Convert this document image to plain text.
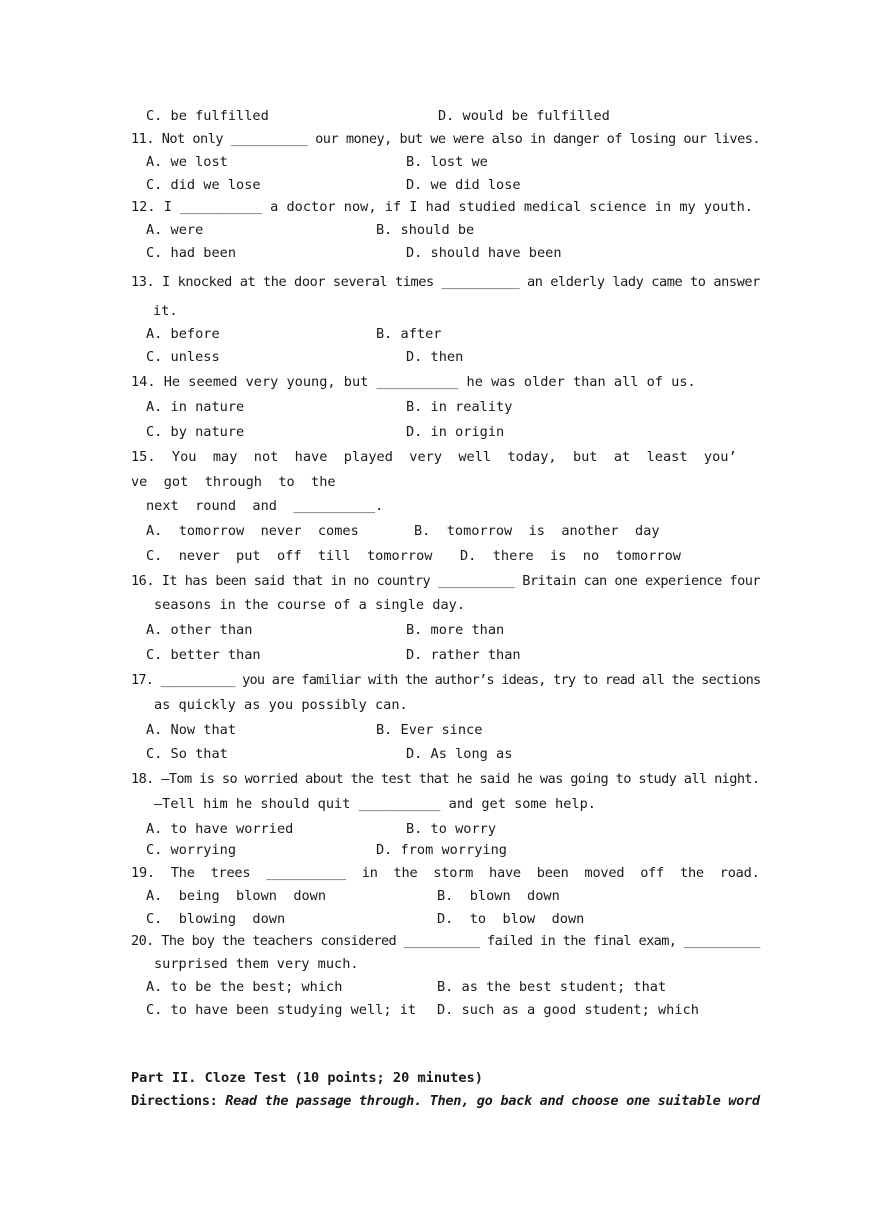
C. be fulfilled	D. would be fulfilled
11. Not only __________ our money, but we were also in danger of losing our lives.
A. we lost	B. lost we
C. did we lose	D. we did lose
12. I __________ a doctor now, if I had studied medical science in my youth.
A. were	B. should be
C. had been	D. should have been
13. I knocked at the door several times __________ an elderly lady came to answer
it.
A. before	B. after
C. unless	D. then
14. He seemed very young, but __________ he was older than all of us.
A. in nature	B. in reality
C. by nature	D. in origin
15.  You  may  not  have  played  very  well  today,  but  at  least  you’
ve  got  through  to  the
next  round  and  __________.
A.  tomorrow  never  comes	B.  tomorrow  is  another  day
C.  never  put  off  till  tomorrow D.  there  is  no  tomorrow
16. It has been said that in no country __________ Britain can one experience four
seasons in the course of a single day.
A. other than	B. more than
C. better than	D. rather than
17. __________ you are familiar with the author’s ideas, try to read all the sections
as quickly as you possibly can.
A. Now that	B. Ever since
C. So that	D. As long as
18. —Tom is so worried about the test that he said he was going to study all night.
—Tell him he should quit __________ and get some help.
A. to have worried	B. to worry
C. worrying	D. from worrying
19.  The  trees  __________  in  the  storm  have  been  moved  off  the  road.
A.  being  blown  down	B.  blown  down
C.  blowing  down	D.  to  blow  down
20. The boy the teachers considered __________ failed in the final exam, __________
surprised them very much.
A. to be the best; which	B. as the best student; that
C. to have been studying well; it D. such as a good student; which
Part II. Cloze Test (10 points; 20 minutes)
Directions: Read the passage through. Then, go back and choose one suitable word
